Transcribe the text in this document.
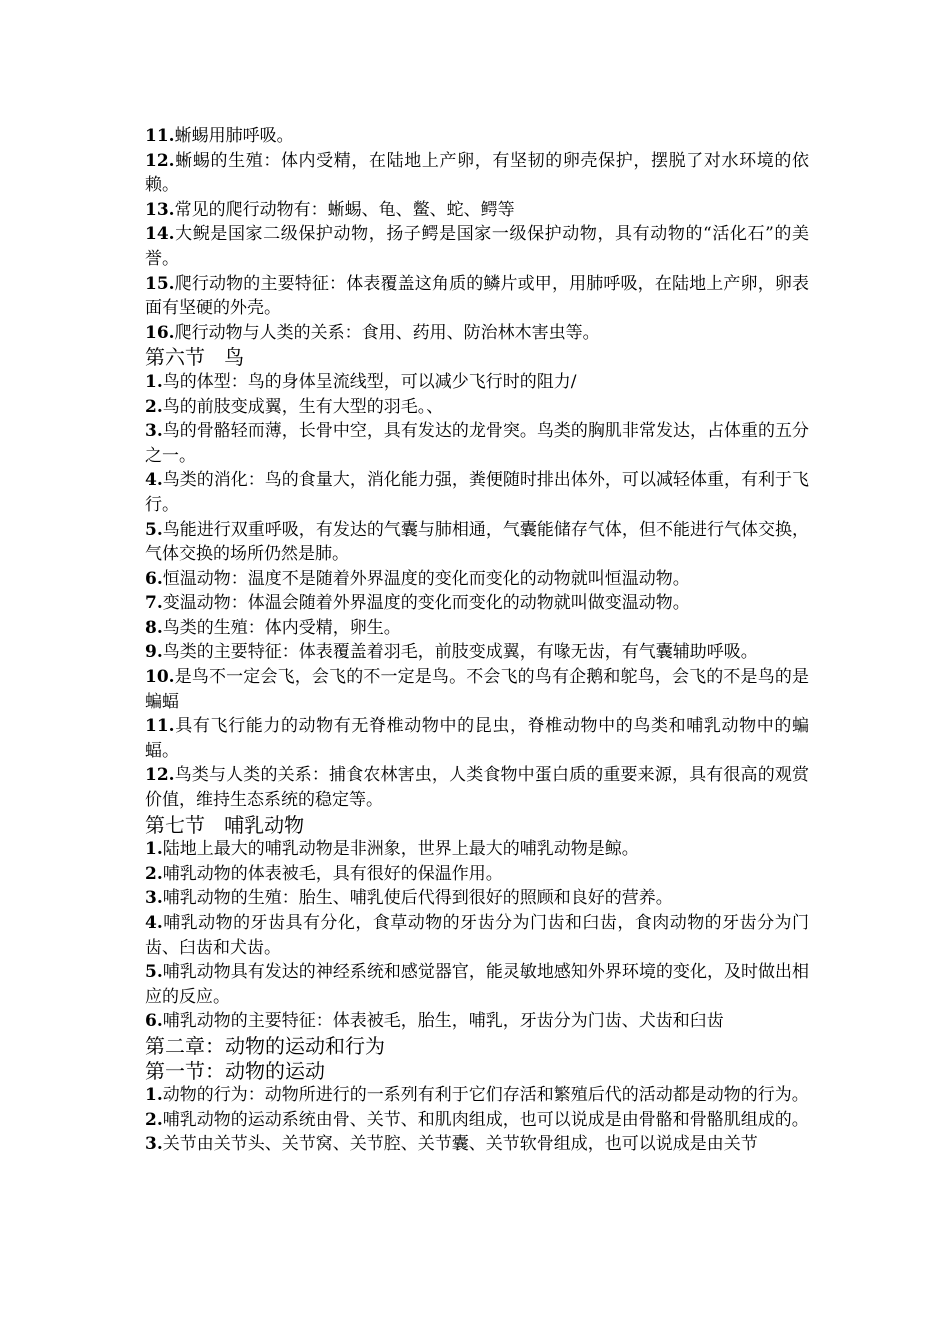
11.蜥蜴用肺呼吸。

12.蜥蜴的生殖：体内受精，在陆地上产卵，有坚韧的卵壳保护，摆脱了对水环境的依赖。

13.常见的爬行动物有：蜥蜴、龟、鳖、蛇、鳄等

14.大鲵是国家二级保护动物，扬子鳄是国家一级保护动物，具有动物的“活化石”的美誉。

15.爬行动物的主要特征：体表覆盖这角质的鳞片或甲，用肺呼吸，在陆地上产卵，卵表面有坚硬的外壳。

16.爬行动物与人类的关系：食用、药用、防治林木害虫等。

第六节   鸟

1.鸟的体型：鸟的身体呈流线型，可以减少飞行时的阻力/

2.鸟的前肢变成翼，生有大型的羽毛。、

3.鸟的骨骼轻而薄，长骨中空，具有发达的龙骨突。鸟类的胸肌非常发达，占体重的五分之一。

4.鸟类的消化：鸟的食量大，消化能力强，粪便随时排出体外，可以减轻体重，有利于飞行。

5.鸟能进行双重呼吸，有发达的气囊与肺相通，气囊能储存气体，但不能进行气体交换，气体交换的场所仍然是肺。

6.恒温动物：温度不是随着外界温度的变化而变化的动物就叫恒温动物。

7.变温动物：体温会随着外界温度的变化而变化的动物就叫做变温动物。

8.鸟类的生殖：体内受精，卵生。

9.鸟类的主要特征：体表覆盖着羽毛，前肢变成翼，有喙无齿，有气囊辅助呼吸。

10.是鸟不一定会飞，会飞的不一定是鸟。不会飞的鸟有企鹅和鸵鸟，会飞的不是鸟的是蝙蝠

11.具有飞行能力的动物有无脊椎动物中的昆虫，脊椎动物中的鸟类和哺乳动物中的蝙蝠。

12.鸟类与人类的关系：捕食农林害虫，人类食物中蛋白质的重要来源，具有很高的观赏价值，维持生态系统的稳定等。

第七节   哺乳动物

1.陆地上最大的哺乳动物是非洲象，世界上最大的哺乳动物是鲸。

2.哺乳动物的体表被毛，具有很好的保温作用。

3.哺乳动物的生殖：胎生、哺乳使后代得到很好的照顾和良好的营养。

4.哺乳动物的牙齿具有分化，食草动物的牙齿分为门齿和臼齿，食肉动物的牙齿分为门齿、臼齿和犬齿。

5.哺乳动物具有发达的神经系统和感觉器官，能灵敏地感知外界环境的变化，及时做出相应的反应。

6.哺乳动物的主要特征：体表被毛，胎生，哺乳，牙齿分为门齿、犬齿和臼齿

第二章：动物的运动和行为

第一节：动物的运动

1.动物的行为：动物所进行的一系列有利于它们存活和繁殖后代的活动都是动物的行为。

2.哺乳动物的运动系统由骨、关节、和肌肉组成，也可以说成是由骨骼和骨骼肌组成的。

3.关节由关节头、关节窝、关节腔、关节囊、关节软骨组成，也可以说成是由关节
